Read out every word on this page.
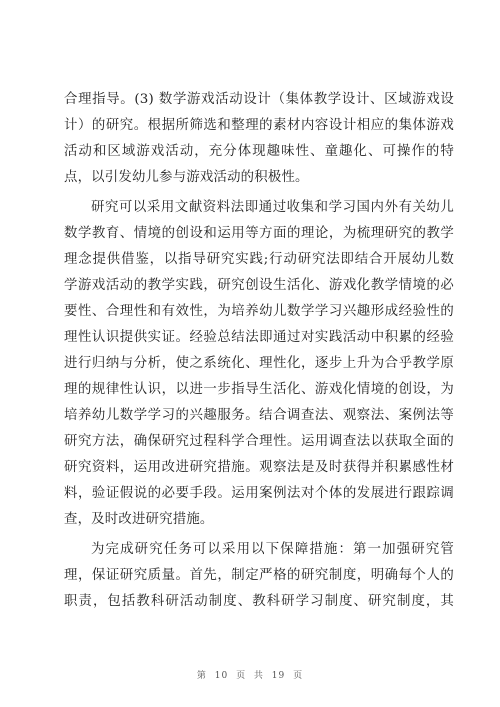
合理指导。(3) 数学游戏活动设计（集体教学设计、区域游戏设
计）的研究。根据所筛选和整理的素材内容设计相应的集体游戏
活动和区域游戏活动，充分体现趣味性、童趣化、可操作的特
点，以引发幼儿参与游戏活动的积极性。
研究可以采用文献资料法即通过收集和学习国内外有关幼儿
数学教育、情境的创设和运用等方面的理论，为梳理研究的教学
理念提供借鉴，以指导研究实践;行动研究法即结合开展幼儿数
学游戏活动的教学实践，研究创设生活化、游戏化教学情境的必
要性、合理性和有效性，为培养幼儿数学学习兴趣形成经验性的
理性认识提供实证。经验总结法即通过对实践活动中积累的经验
进行归纳与分析，使之系统化、理性化，逐步上升为合乎教学原
理的规律性认识，以进一步指导生活化、游戏化情境的创设，为
培养幼儿数学学习的兴趣服务。结合调查法、观察法、案例法等
研究方法，确保研究过程科学合理性。运用调查法以获取全面的
研究资料，运用改进研究措施。观察法是及时获得并积累感性材
料，验证假说的必要手段。运用案例法对个体的发展进行跟踪调
查，及时改进研究措施。
为完成研究任务可以采用以下保障措施：第一加强研究管
理，保证研究质量。首先，制定严格的研究制度，明确每个人的
职责，包括教科研活动制度、教科研学习制度、研究制度，其
第 10 页 共 19 页
